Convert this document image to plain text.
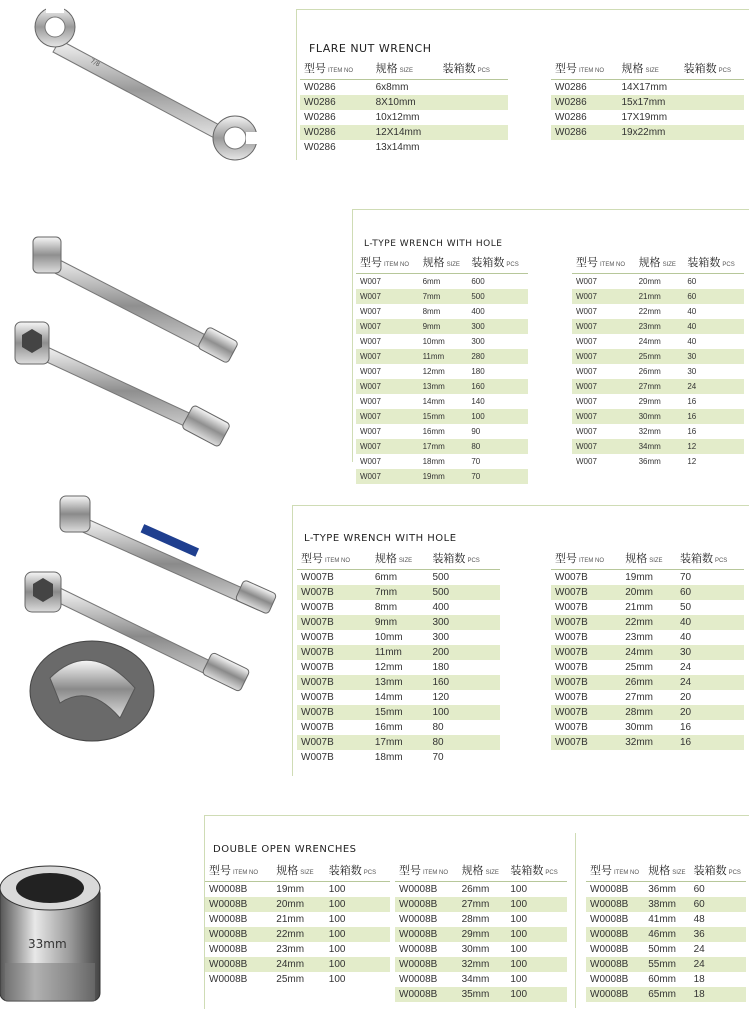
FLARE NUT WRENCH
型号 ITEM NO	规格 SIZE	装箱数 PCS
W0286	6x8mm	
W0286	8X10mm	
W0286	10x12mm	
W0286	12X14mm	
W0286	13x14mm	
型号 ITEM NO	规格 SIZE	装箱数 PCS
W0286	14X17mm	
W0286	15x17mm	
W0286	17X19mm	
W0286	19x22mm	
L-TYPE WRENCH WITH HOLE
型号 ITEM NO	规格 SIZE	装箱数 PCS
W007	6mm	600
W007	7mm	500
W007	8mm	400
W007	9mm	300
W007	10mm	300
W007	11mm	280
W007	12mm	180
W007	13mm	160
W007	14mm	140
W007	15mm	100
W007	16mm	90
W007	17mm	80
W007	18mm	70
W007	19mm	70
型号 ITEM NO	规格 SIZE	装箱数 PCS
W007	20mm	60
W007	21mm	60
W007	22mm	40
W007	23mm	40
W007	24mm	40
W007	25mm	30
W007	26mm	30
W007	27mm	24
W007	29mm	16
W007	30mm	16
W007	32mm	16
W007	34mm	12
W007	36mm	12
L-TYPE WRENCH WITH HOLE
型号 ITEM NO	规格 SIZE	装箱数 PCS
W007B	6mm	500
W007B	7mm	500
W007B	8mm	400
W007B	9mm	300
W007B	10mm	300
W007B	11mm	200
W007B	12mm	180
W007B	13mm	160
W007B	14mm	120
W007B	15mm	100
W007B	16mm	80
W007B	17mm	80
W007B	18mm	70
型号 ITEM NO	规格 SIZE	装箱数 PCS
W007B	19mm	70
W007B	20mm	60
W007B	21mm	50
W007B	22mm	40
W007B	23mm	40
W007B	24mm	30
W007B	25mm	24
W007B	26mm	24
W007B	27mm	20
W007B	28mm	20
W007B	30mm	16
W007B	32mm	16
DOUBLE OPEN WRENCHES
型号 ITEM NO	规格 SIZE	装箱数 PCS
W0008B	19mm	100
W0008B	20mm	100
W0008B	21mm	100
W0008B	22mm	100
W0008B	23mm	100
W0008B	24mm	100
W0008B	25mm	100
型号 ITEM NO	规格 SIZE	装箱数 PCS
W0008B	26mm	100
W0008B	27mm	100
W0008B	28mm	100
W0008B	29mm	100
W0008B	30mm	100
W0008B	32mm	100
W0008B	34mm	100
W0008B	35mm	100
型号 ITEM NO	规格 SIZE	装箱数 PCS
W0008B	36mm	60
W0008B	38mm	60
W0008B	41mm	48
W0008B	46mm	36
W0008B	50mm	24
W0008B	55mm	24
W0008B	60mm	18
W0008B	65mm	18
7/8
33mm
